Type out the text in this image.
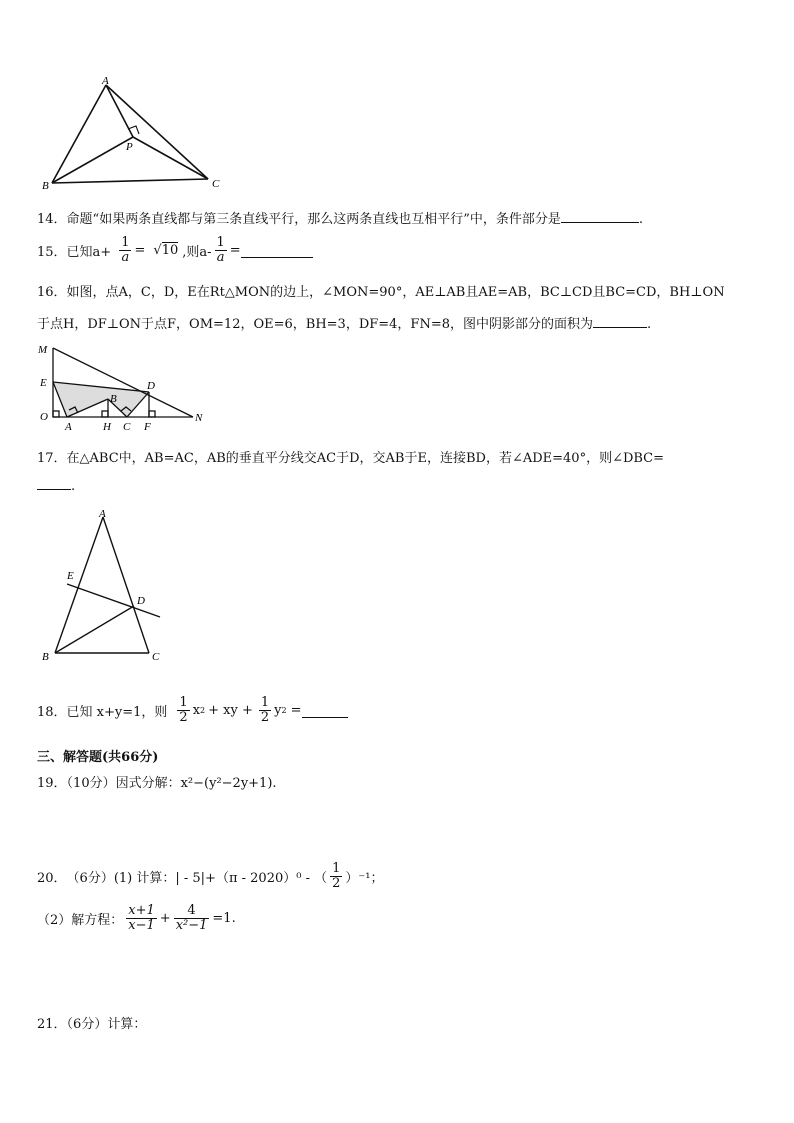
A
B	C
P
14．命题“如果两条直线都与第三条直线平行，那么这两条直线也互相平行”中，条件部分是	.
15． 已知$a+ \frac{1}{a} = √10$ ,则$a- \frac{1}{a}$ =
16．如图，点A，C，D，E在Rt△MON的边上，∠MON=90°，AE⊥AB且AE=AB，BC⊥CD且BC=CD，BH⊥ON
于点H，DF⊥ON于点F，OM=12，OE=6，BH=3，DF=4，FN=8，图中阴影部分的面积为	.
M
E	D
B
O
A	H C F
N
17．在△ABC中，AB=AC，AB的垂直平分线交AC于D，交AB于E，连接BD，若∠ADE=40°，则∠DBC=
.
A
E
D
B	C
18． 已知 x+y=1，则 $\frac{1}{2}$ x 2 + xy + $\frac{1}{2}$ y 2 =
三、解答题(共66分)
19．（10分）因式分解：x²−(y²−2y+1).
20． （6分）(1) 计算：| - 5|+（π - 2020）⁰ - （ $\frac{1}{2} )^{-1}$；
（2）解方程： $\frac{x+1}{x-1} + \frac{4}{\text{x²−1}} =1$.
21．（6分）计算：
